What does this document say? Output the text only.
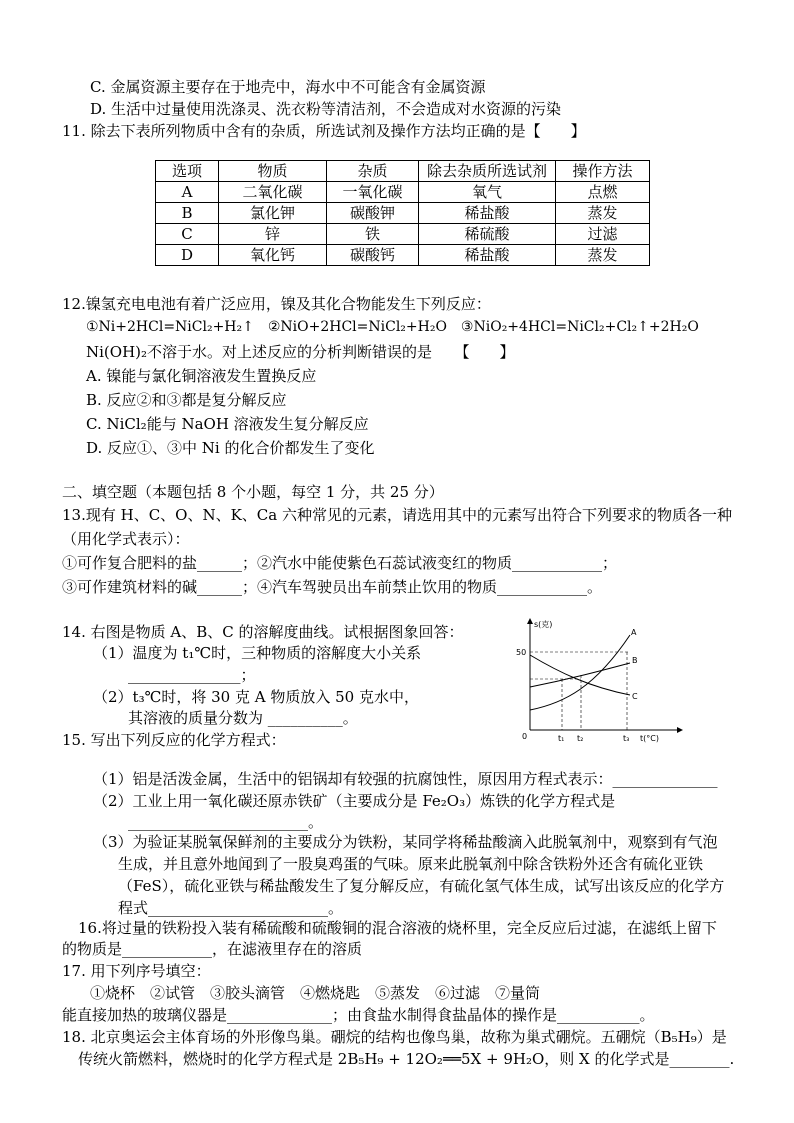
C. 金属资源主要存在于地壳中，海水中不可能含有金属资源
D. 生活中过量使用洗涤灵、洗衣粉等清洁剂，不会造成对水资源的污染
11. 除去下表所列物质中含有的杂质，所选试剂及操作方法均正确的是【　　】
选项	物质	杂质	除去杂质所选试剂	操作方法
A	二氧化碳	一氧化碳	氧气	点燃
B	氯化钾	碳酸钾	稀盐酸	蒸发
C	锌	铁	稀硫酸	过滤
D	氧化钙	碳酸钙	稀盐酸	蒸发
12.镍氢充电电池有着广泛应用，镍及其化合物能发生下列反应：
①Ni+2HCl=NiCl₂+H₂↑　②NiO+2HCl=NiCl₂+H₂O　③NiO₂+4HCl=NiCl₂+Cl₂↑+2H₂O
Ni(OH)₂不溶于水。对上述反应的分析判断错误的是　　【　　】
A. 镍能与氯化铜溶液发生置换反应
B. 反应②和③都是复分解反应
C. NiCl₂能与 NaOH 溶液发生复分解反应
D. 反应①、③中 Ni 的化合价都发生了变化
二、填空题（本题包括 8 个小题，每空 1 分，共 25 分）
13.现有 H、C、O、N、K、Ca 六种常见的元素，请选用其中的元素写出符合下列要求的物质各一种
（用化学式表示）：
①可作复合肥料的盐______；②汽水中能使紫色石蕊试液变红的物质____________；
③可作建筑材料的碱______；④汽车驾驶员出车前禁止饮用的物质____________。
14. 右图是物质 A、B、C 的溶解度曲线。试根据图象回答：
（1）温度为 t₁℃时，三种物质的溶解度大小关系
_______________；
（2）t₃℃时，将 30 克 A 物质放入 50 克水中，
其溶液的质量分数为 __________。
15. 写出下列反应的化学方程式：
s(克)
50
0
A
B
C
t₁ t₂	t₃ t(°C)
（1）铝是活泼金属，生活中的铝锅却有较强的抗腐蚀性，原因用方程式表示：______________
（2）工业上用一氧化碳还原赤铁矿（主要成分是 Fe₂O₃）炼铁的化学方程式是
________________________。
（3）为验证某脱氧保鲜剂的主要成分为铁粉，某同学将稀盐酸滴入此脱氧剂中，观察到有气泡
生成，并且意外地闻到了一股臭鸡蛋的气味。原来此脱氧剂中除含铁粉外还含有硫化亚铁
（FeS），硫化亚铁与稀盐酸发生了复分解反应，有硫化氢气体生成，试写出该反应的化学方
程式________________________。
16.将过量的铁粉投入装有稀硫酸和硫酸铜的混合溶液的烧杯里，完全反应后过滤，在滤纸上留下
的物质是____________，在滤液里存在的溶质
17. 用下列序号填空：
①烧杯　②试管　③胶头滴管　④燃烧匙　⑤蒸发　⑥过滤　⑦量筒
能直接加热的玻璃仪器是______________；由食盐水制得食盐晶体的操作是___________。
18. 北京奥运会主体育场的外形像鸟巢。硼烷的结构也像鸟巢，故称为巢式硼烷。五硼烷（B₅H₉）是
传统火箭燃料，燃烧时的化学方程式是 2B₅H₉ + 12O₂══5X + 9H₂O，则 X 的化学式是________.
